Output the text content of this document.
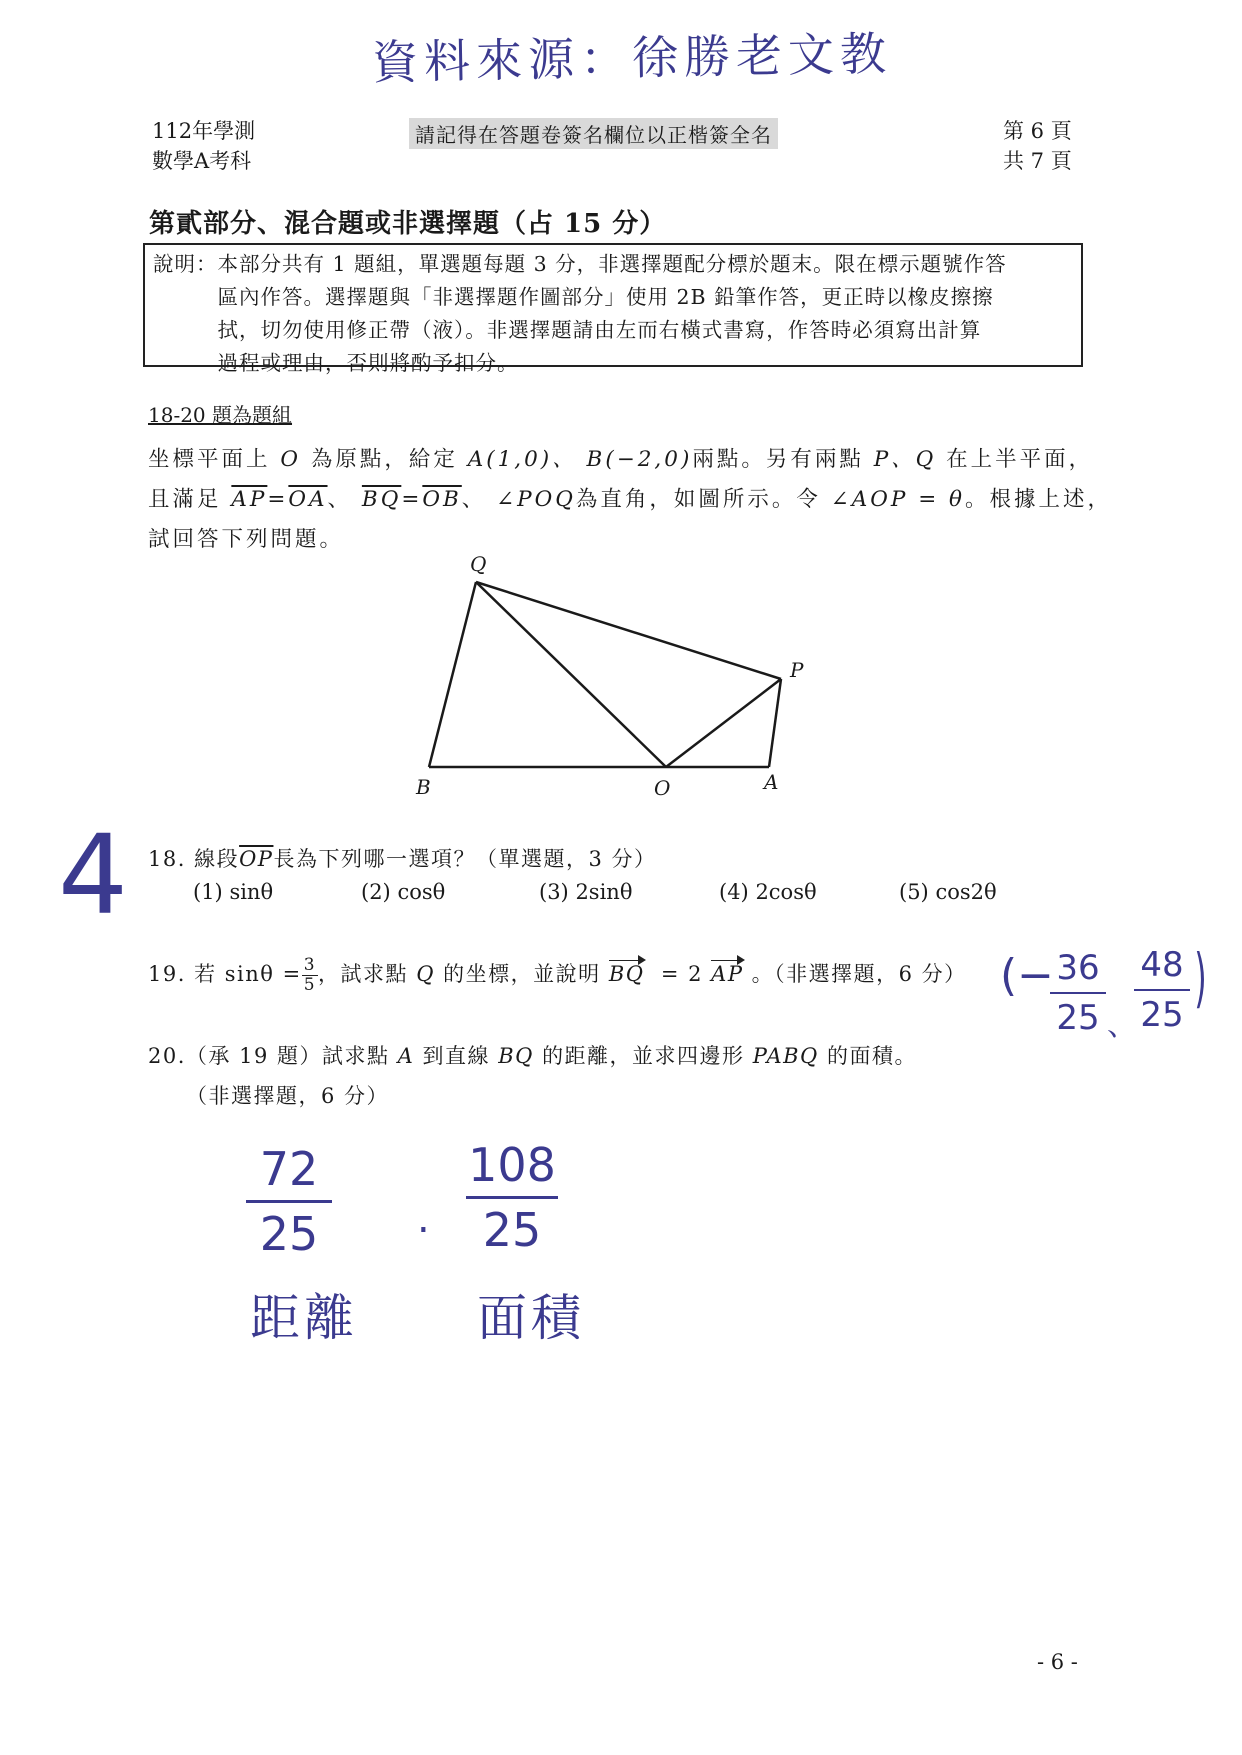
資料來源：徐勝老文教
112年學測
數學A考科
請記得在答題卷簽名欄位以正楷簽全名	第 6 頁
共 7 頁
第貳部分、混合題或非選擇題（占 15 分）
說明： 本部分共有 1 題組，單選題每題 3 分，非選擇題配分標於題末。限在標示題號作答
區內作答。選擇題與「非選擇題作圖部分」使用 2B 鉛筆作答，更正時以橡皮擦擦
拭，切勿使用修正帶（液）。非選擇題請由左而右橫式書寫，作答時必須寫出計算
過程或理由，否則將酌予扣分。
18-20 題為題組
坐標平面上 O 為原點，給定 A(1,0)、 B(−2,0)兩點。另有兩點 P、Q 在上半平面，
且滿足 $\overline{AP}=\overline{OA}$、 $\overline{BQ}=\overline{OB}$、 ∠POQ為直角，如圖所示。令 ∠AOP = θ。根據上述，
試回答下列問題。
Q
P
B	O	A
4 18. 線段$\overline{OP}$長為下列哪一選項？（單選題，3 分）
(1) sinθ	(2) cosθ	(3) 2sinθ	(4) 2cosθ	(5) cos2θ
19. 若 $\sin\theta = \frac{3}{5}$ ，試求點 Q 的坐標，並說明 BQ = 2 AP 。（非選擇題，6 分） (− 36
25 、
48
25 )
20.（承 19 題）試求點 A 到直線 BQ 的距離，並求四邊形 PABQ 的面積。
（非選擇題，6 分）
72
25	.
108
25
距離 面積
- 6 -
